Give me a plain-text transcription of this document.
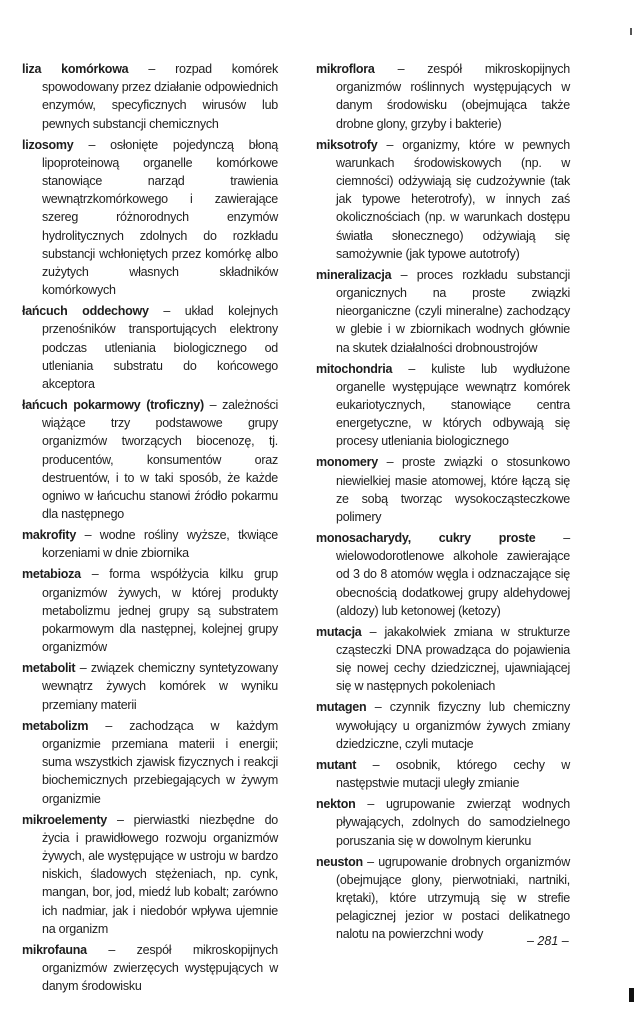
liza komórkowa – rozpad komórek spowodowany przez działanie odpowiednich enzymów, specyficznych wirusów lub pewnych substancji chemicznych

lizosomy – osłonięte pojedynczą błoną lipoproteinową organelle komórkowe stanowiące narząd trawienia wewnątrzkomórkowego i zawierające szereg różnorodnych enzymów hydrolitycznych zdolnych do rozkładu substancji wchłoniętych przez komórkę albo zużytych własnych składników komórkowych

łańcuch oddechowy – układ kolejnych przenośników transportujących elektrony podczas utleniania biologicznego od utleniania substratu do końcowego akceptora

łańcuch pokarmowy (troficzny) – zależności wiążące trzy podstawowe grupy organizmów tworzących biocenozę, tj. producentów, konsumentów oraz destruentów, i to w taki sposób, że każde ogniwo w łańcuchu stanowi źródło pokarmu dla następnego

makrofity – wodne rośliny wyższe, tkwiące korzeniami w dnie zbiornika

metabioza – forma współżycia kilku grup organizmów żywych, w której produkty metabolizmu jednej grupy są substratem pokarmowym dla następnej, kolejnej grupy organizmów

metabolit – związek chemiczny syntetyzowany wewnątrz żywych komórek w wyniku przemiany materii

metabolizm – zachodząca w każdym organizmie przemiana materii i energii; suma wszystkich zjawisk fizycznych i reakcji biochemicznych przebiegających w żywym organizmie

mikroelementy – pierwiastki niezbędne do życia i prawidłowego rozwoju organizmów żywych, ale występujące w ustroju w bardzo niskich, śladowych stężeniach, np. cynk, mangan, bor, jod, miedź lub kobalt; zarówno ich nadmiar, jak i niedobór wpływa ujemnie na organizm

mikrofauna – zespół mikroskopijnych organizmów zwierzęcych występujących w danym środowisku

mikroflora – zespół mikroskopijnych organizmów roślinnych występujących w danym środowisku (obejmująca także drobne glony, grzyby i bakterie)

miksotrofy – organizmy, które w pewnych warunkach środowiskowych (np. w ciemności) odżywiają się cudzożywnie (tak jak typowe heterotrofy), w innych zaś okolicznościach (np. w warunkach dostępu światła słonecznego) odżywiają się samożywnie (jak typowe autotrofy)

mineralizacja – proces rozkładu substancji organicznych na proste związki nieorganiczne (czyli mineralne) zachodzący w glebie i w zbiornikach wodnych głównie na skutek działalności drobnoustrojów

mitochondria – kuliste lub wydłużone organelle występujące wewnątrz komórek eukariotycznych, stanowiące centra energetyczne, w których odbywają się procesy utleniania biologicznego

monomery – proste związki o stosunkowo niewielkiej masie atomowej, które łączą się ze sobą tworząc wysokocząsteczkowe polimery

monosacharydy, cukry proste – wielowodorotlenowe alkohole zawierające od 3 do 8 atomów węgla i odznaczające się obecnością dodatkowej grupy aldehydowej (aldozy) lub ketonowej (ketozy)

mutacja – jakakolwiek zmiana w strukturze cząsteczki DNA prowadząca do pojawienia się nowej cechy dziedzicznej, ujawniającej się w następnych pokoleniach

mutagen – czynnik fizyczny lub chemiczny wywołujący u organizmów żywych zmiany dziedziczne, czyli mutacje

mutant – osobnik, którego cechy w następstwie mutacji uległy zmianie

nekton – ugrupowanie zwierząt wodnych pływających, zdolnych do samodzielnego poruszania się w dowolnym kierunku

neuston – ugrupowanie drobnych organizmów (obejmujące glony, pierwotniaki, nartniki, krętaki), które utrzymują się w strefie pelagicznej jezior w postaci delikatnego nalotu na powierzchni wody	– 281 –
